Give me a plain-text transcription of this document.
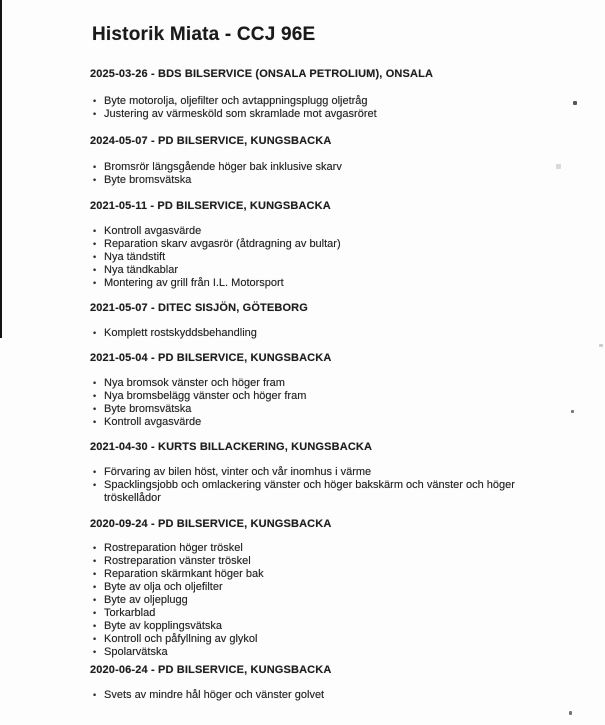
Historik Miata - CCJ 96E
2025-03-26 - BDS BILSERVICE (ONSALA PETROLIUM), ONSALA
• Byte motorolja, oljefilter och avtappningsplugg oljetråg
• Justering av värmesköld som skramlade mot avgasröret
2024-05-07 - PD BILSERVICE, KUNGSBACKA
• Bromsrör längsgående höger bak inklusive skarv
• Byte bromsvätska
2021-05-11 - PD BILSERVICE, KUNGSBACKA
• Kontroll avgasvärde
• Reparation skarv avgasrör (åtdragning av bultar)
• Nya tändstift
• Nya tändkablar
• Montering av grill från I.L. Motorsport
2021-05-07 - DITEC SISJÖN, GÖTEBORG
• Komplett rostskyddsbehandling
2021-05-04 - PD BILSERVICE, KUNGSBACKA
• Nya bromsok vänster och höger fram
• Nya bromsbelägg vänster och höger fram
• Byte bromsvätska
• Kontroll avgasvärde
2021-04-30 - KURTS BILLACKERING, KUNGSBACKA
• Förvaring av bilen höst, vinter och vår inomhus i värme
• Spacklingsjobb och omlackering vänster och höger bakskärm och vänster och höger tröskellådor
2020-09-24 - PD BILSERVICE, KUNGSBACKA
• Rostreparation höger tröskel
• Rostreparation vänster tröskel
• Reparation skärmkant höger bak
• Byte av olja och oljefilter
• Byte av oljeplugg
• Torkarblad
• Byte av kopplingsvätska
• Kontroll och påfyllning av glykol
• Spolarvätska
2020-06-24 - PD BILSERVICE, KUNGSBACKA
• Svets av mindre hål höger och vänster golvet
